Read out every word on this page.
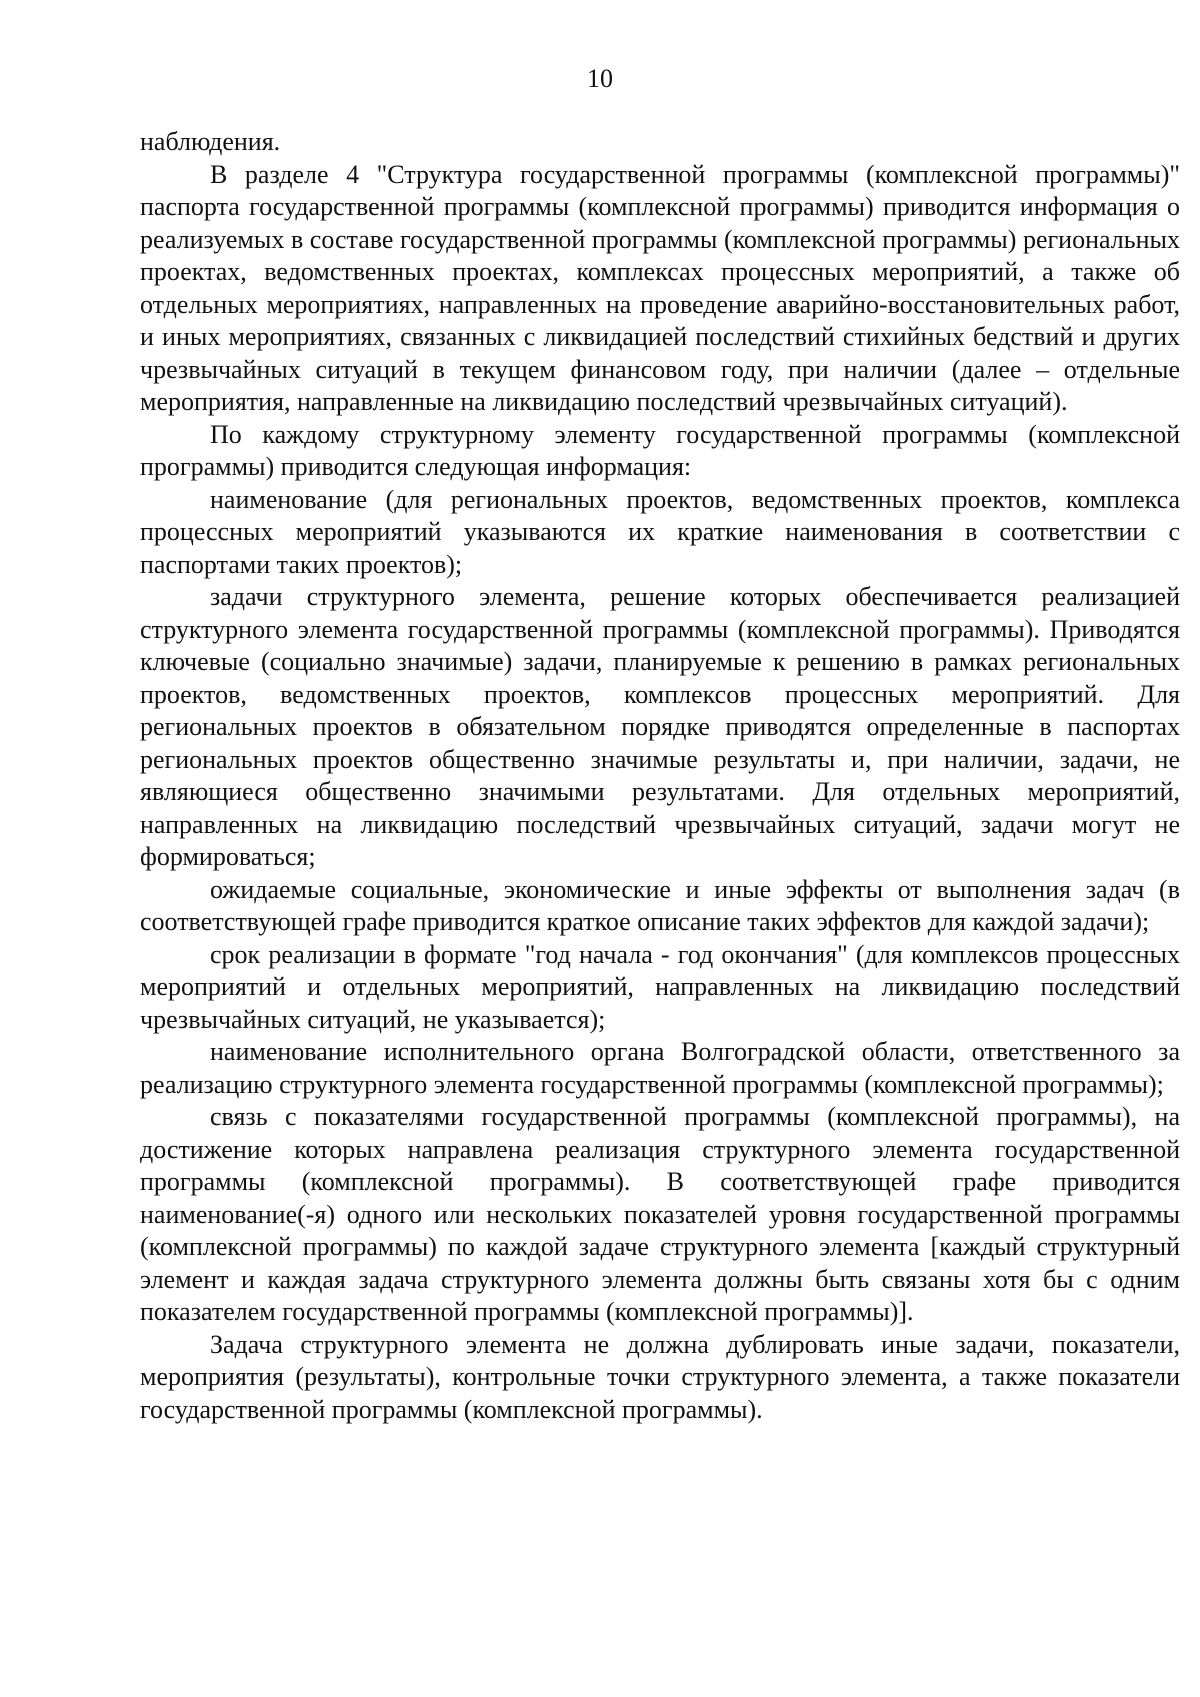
10

наблюдения.

В разделе 4 "Структура государственной программы (комплексной программы)" паспорта государственной программы (комплексной программы) приводится информация о реализуемых в составе государственной программы (комплексной программы) региональных проектах, ведомственных проектах, комплексах процессных мероприятий, а также об отдельных мероприятиях, направленных на проведение аварийно-восстановительных работ, и иных мероприятиях, связанных с ликвидацией последствий стихийных бедствий и других чрезвычайных ситуаций в текущем финансовом году, при наличии (далее – отдельные мероприятия, направленные на ликвидацию последствий чрезвычайных ситуаций).

По каждому структурному элементу государственной программы (комплексной программы) приводится следующая информация:

наименование (для региональных проектов, ведомственных проектов, комплекса процессных мероприятий указываются их краткие наименования в соответствии с паспортами таких проектов);

задачи структурного элемента, решение которых обеспечивается реализацией структурного элемента государственной программы (комплексной программы). Приводятся ключевые (социально значимые) задачи, планируемые к решению в рамках региональных проектов, ведомственных проектов, комплексов процессных мероприятий. Для региональных проектов в обязательном порядке приводятся определенные в паспортах региональных проектов общественно значимые результаты и, при наличии, задачи, не являющиеся общественно значимыми результатами. Для отдельных мероприятий, направленных на ликвидацию последствий чрезвычайных ситуаций, задачи могут не формироваться;

ожидаемые социальные, экономические и иные эффекты от выполнения задач (в соответствующей графе приводится краткое описание таких эффектов для каждой задачи);

срок реализации в формате "год начала - год окончания" (для комплексов процессных мероприятий и отдельных мероприятий, направленных на ликвидацию последствий чрезвычайных ситуаций, не указывается);

наименование исполнительного органа Волгоградской области, ответственного за реализацию структурного элемента государственной программы (комплексной программы);

связь с показателями государственной программы (комплексной программы), на достижение которых направлена реализация структурного элемента государственной программы (комплексной программы). В соответствующей графе приводится наименование(-я) одного или нескольких показателей уровня государственной программы (комплексной программы) по каждой задаче структурного элемента [каждый структурный элемент и каждая задача структурного элемента должны быть связаны хотя бы с одним показателем государственной программы (комплексной программы)].

Задача структурного элемента не должна дублировать иные задачи, показатели, мероприятия (результаты), контрольные точки структурного элемента, а также показатели государственной программы (комплексной программы).
